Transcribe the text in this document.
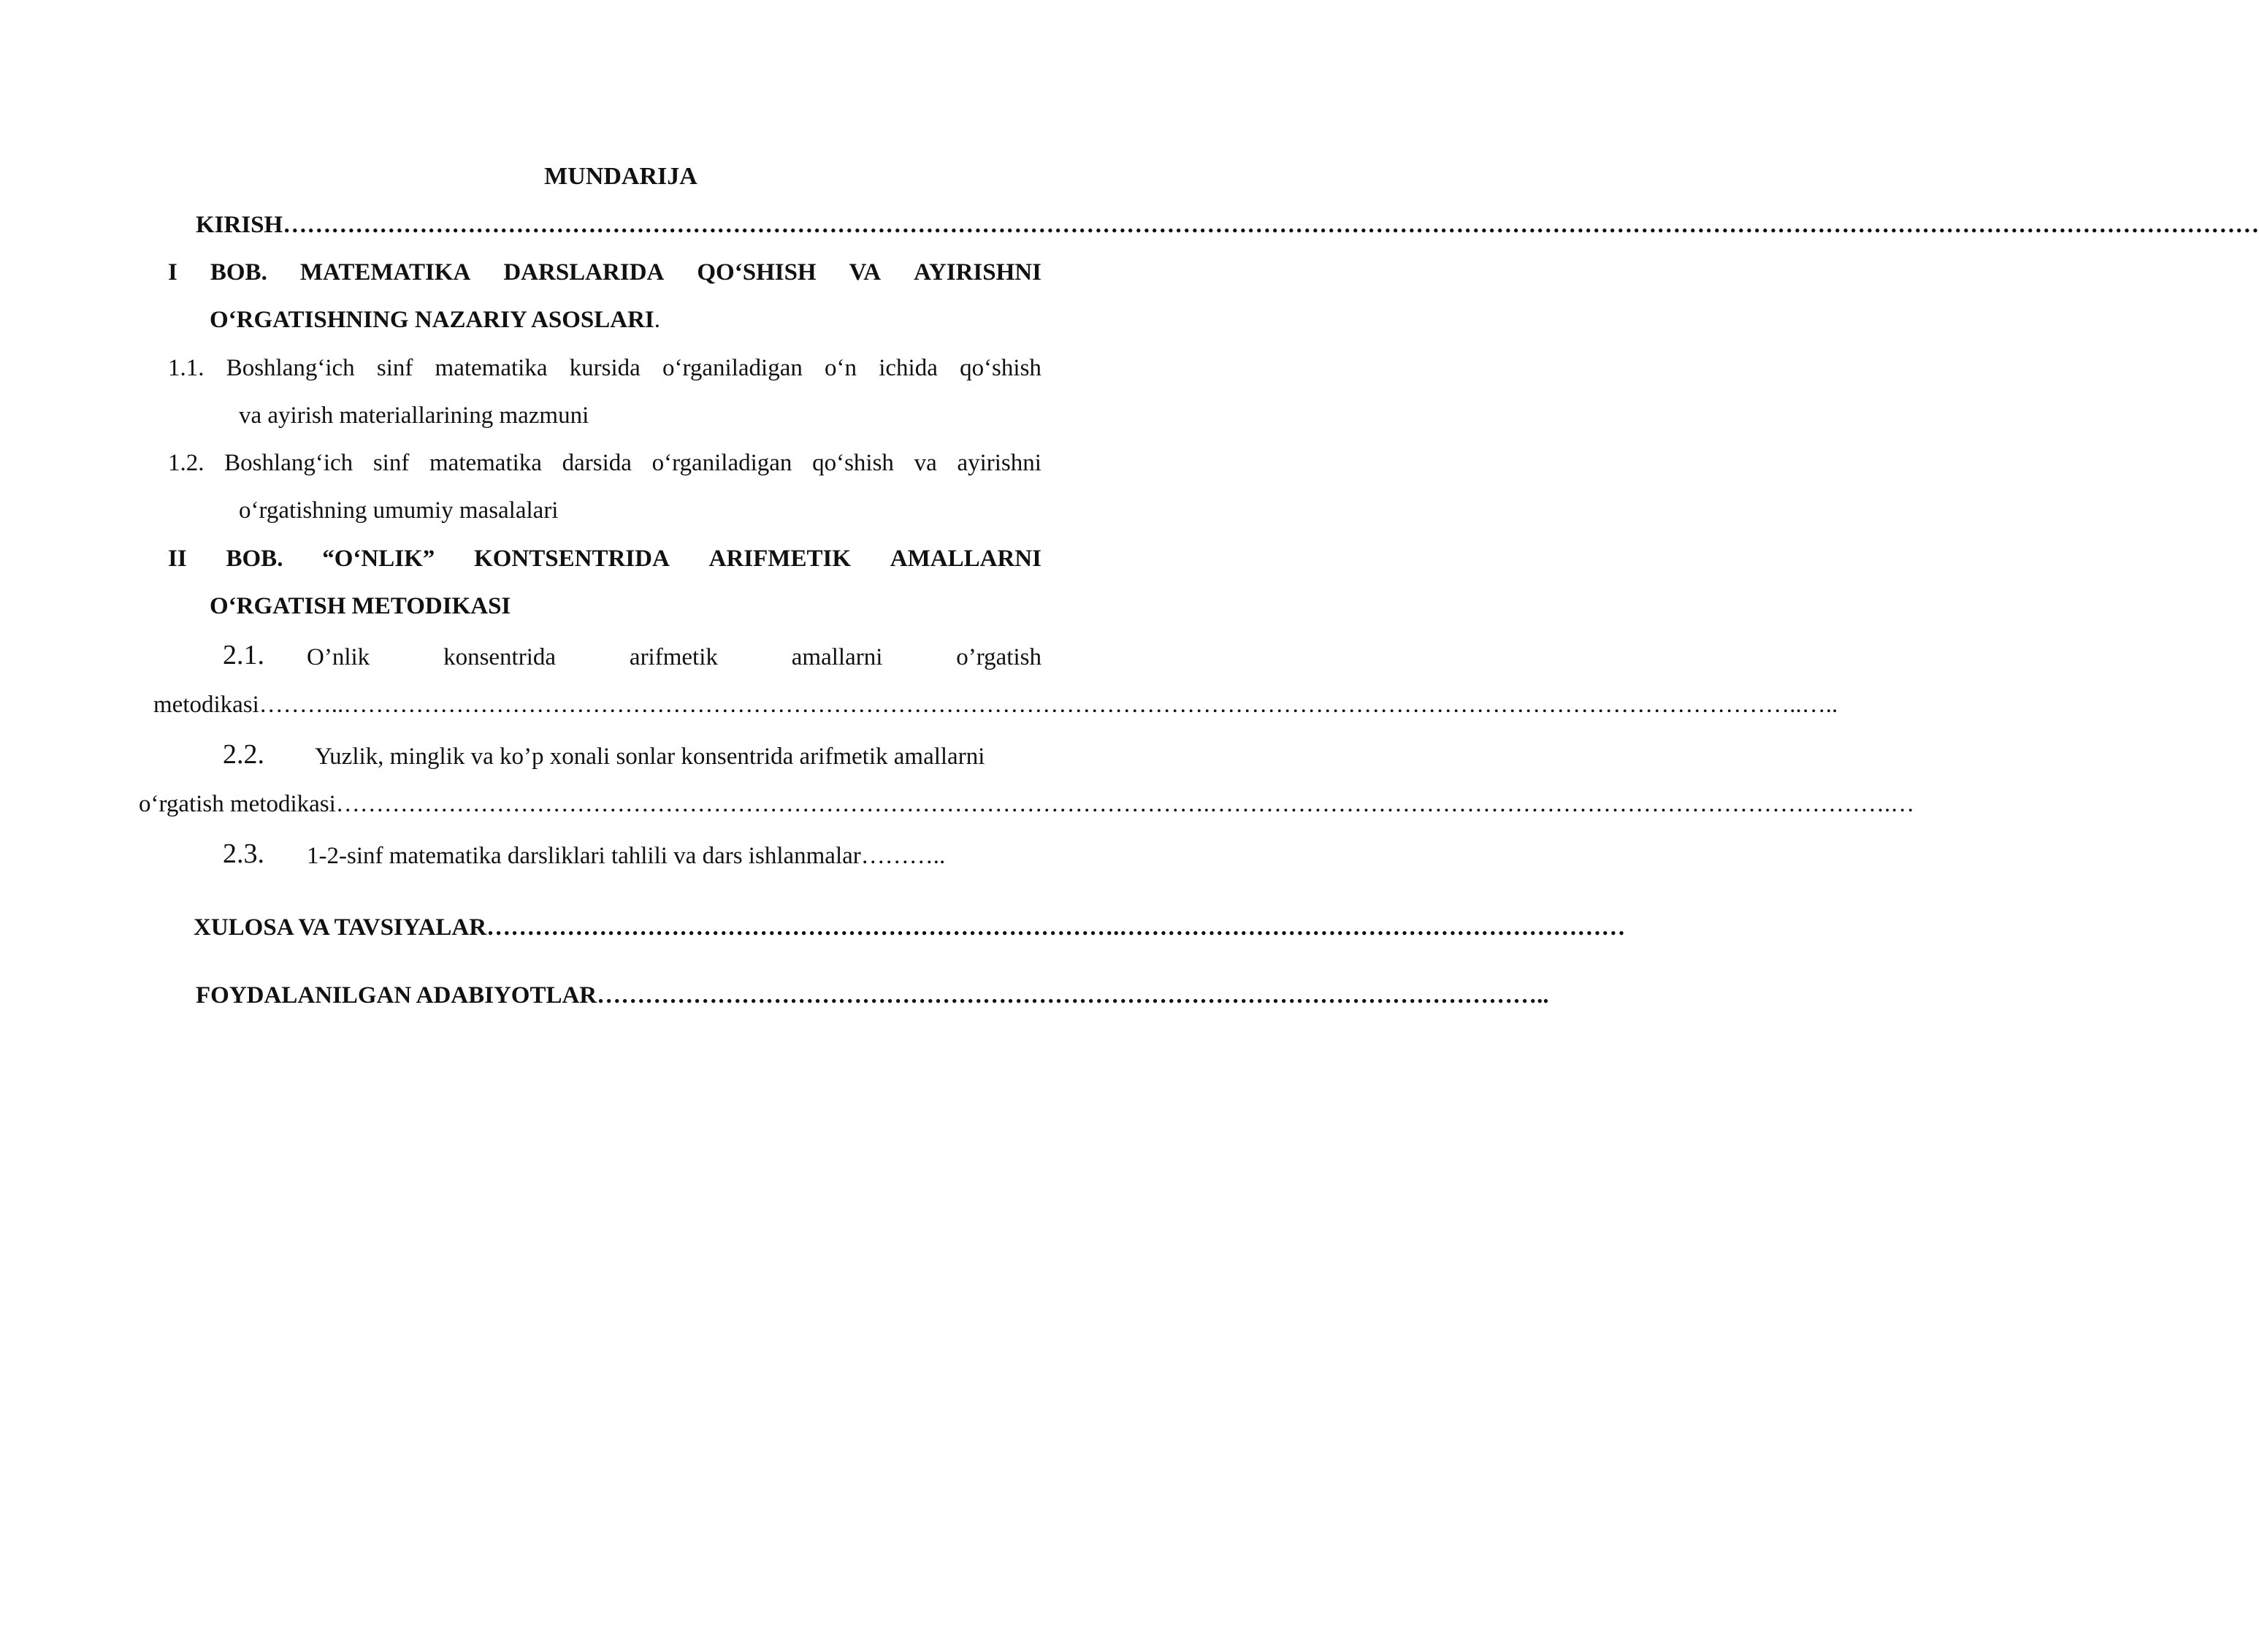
MUNDARIJA
KIRISH…………………………………………………………………………………………………………………………………………………………………………………………………………………………
I BOB. MATEMATIKA DARSLARIDA QO‘SHISH VA AYIRISHNI
O‘RGATISHNING NAZARIY ASOSLARI.
1.1. Boshlang‘ich sinf matematika kursida o‘rganiladigan o‘n ichida qo‘shish
va ayirish materiallarining mazmuni
1.2. Boshlang‘ich sinf matematika darsida o‘rganiladigan qo‘shish va ayirishni
o‘rgatishning umumiy masalalari
II BOB. “O‘NLIK” KONTSENTRIDA ARIFMETIK AMALLARNI
O‘RGATISH METODIKASI
2.1. O’nlik	konsentrida	arifmetik	amallarni	o’rgatish
metodikasi………..………………………………………………………………………………………………………………………………………………………………..…..
2.2. Yuzlik, minglik va ko’p xonali sonlar konsentrida arifmetik amallarni
o‘rgatish metodikasi……………………………………………………………………………………………….………………………………………………………………………….…
2.3. 1-2-sinf matematika darsliklari tahlili va dars ishlanmalar………..
XULOSA VA TAVSIYALAR…………………………………………………………………….………………………………………………………
FOYDALANILGAN ADABIYOTLAR………………………………………………………………………………………………………..
